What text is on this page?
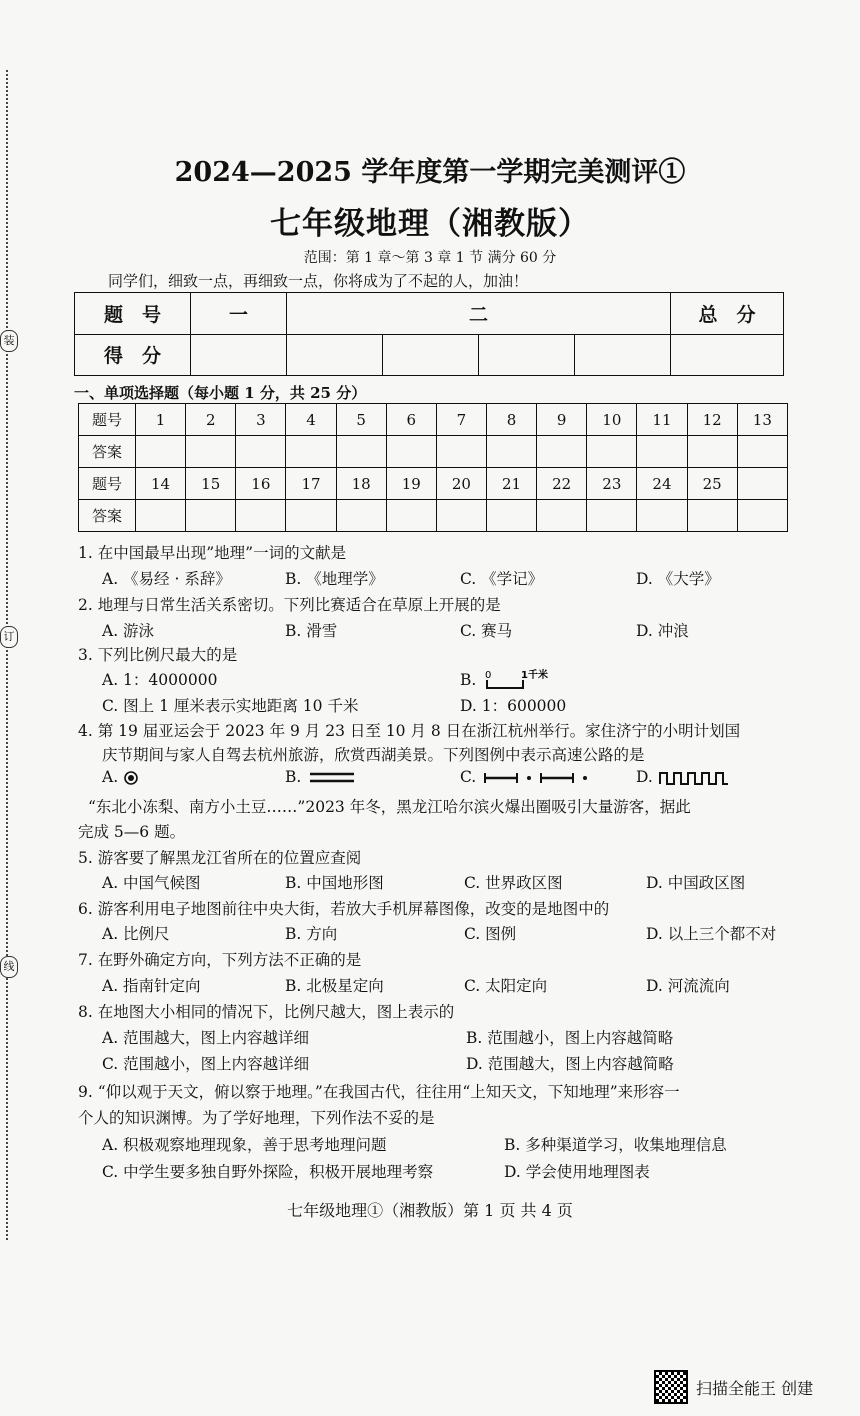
装
订
线
2024—2025 学年度第一学期完美测评①
七年级地理（湘教版）
范围：第 1 章～第 3 章 1 节 满分 60 分
同学们，细致一点，再细致一点，你将成为了不起的人，加油！
题　号	一	二				总　分
得　分						
一、单项选择题（每小题 1 分，共 25 分）
题号	1	2	3	4	5	6	7	8	9	10	11	12	13
答案													
题号	14	15	16	17	18	19	20	21	22	23	24	25	
答案													
1. 在中国最早出现”地理”一词的文献是
A. 《易经 · 系辞》	B. 《地理学》	C. 《学记》	D. 《大学》
2. 地理与日常生活关系密切。下列比赛适合在草原上开展的是
A. 游泳	B. 滑雪	C. 赛马	D. 冲浪
3. 下列比例尺最大的是
A. 1：4000000	B. 0	1千米
C. 图上 1 厘米表示实地距离 10 千米	D. 1：600000
4. 第 19 届亚运会于 2023 年 9 月 23 日至 10 月 8 日在浙江杭州举行。家住济宁的小明计划国
庆节期间与家人自驾去杭州旅游，欣赏西湖美景。下列图例中表示高速公路的是
A.	B.	C.	D.
“东北小冻梨、南方小土豆……”2023 年冬，黑龙江哈尔滨火爆出圈吸引大量游客，据此
完成 5—6 题。
5. 游客要了解黑龙江省所在的位置应查阅
A. 中国气候图	B. 中国地形图	C. 世界政区图	D. 中国政区图
6. 游客利用电子地图前往中央大街，若放大手机屏幕图像，改变的是地图中的
A. 比例尺	B. 方向	C. 图例	D. 以上三个都不对
7. 在野外确定方向，下列方法不正确的是
A. 指南针定向	B. 北极星定向	C. 太阳定向	D. 河流流向
8. 在地图大小相同的情况下，比例尺越大，图上表示的
A. 范围越大，图上内容越详细	B. 范围越小，图上内容越简略
C. 范围越小，图上内容越详细	D. 范围越大，图上内容越简略
9. “仰以观于天文，俯以察于地理。”在我国古代，往往用“上知天文，下知地理”来形容一
个人的知识渊博。为了学好地理，下列作法不妥的是
A. 积极观察地理现象，善于思考地理问题	B. 多种渠道学习，收集地理信息
C. 中学生要多独自野外探险，积极开展地理考察	D. 学会使用地理图表
七年级地理①（湘教版）第 1 页 共 4 页
扫描全能王 创建
